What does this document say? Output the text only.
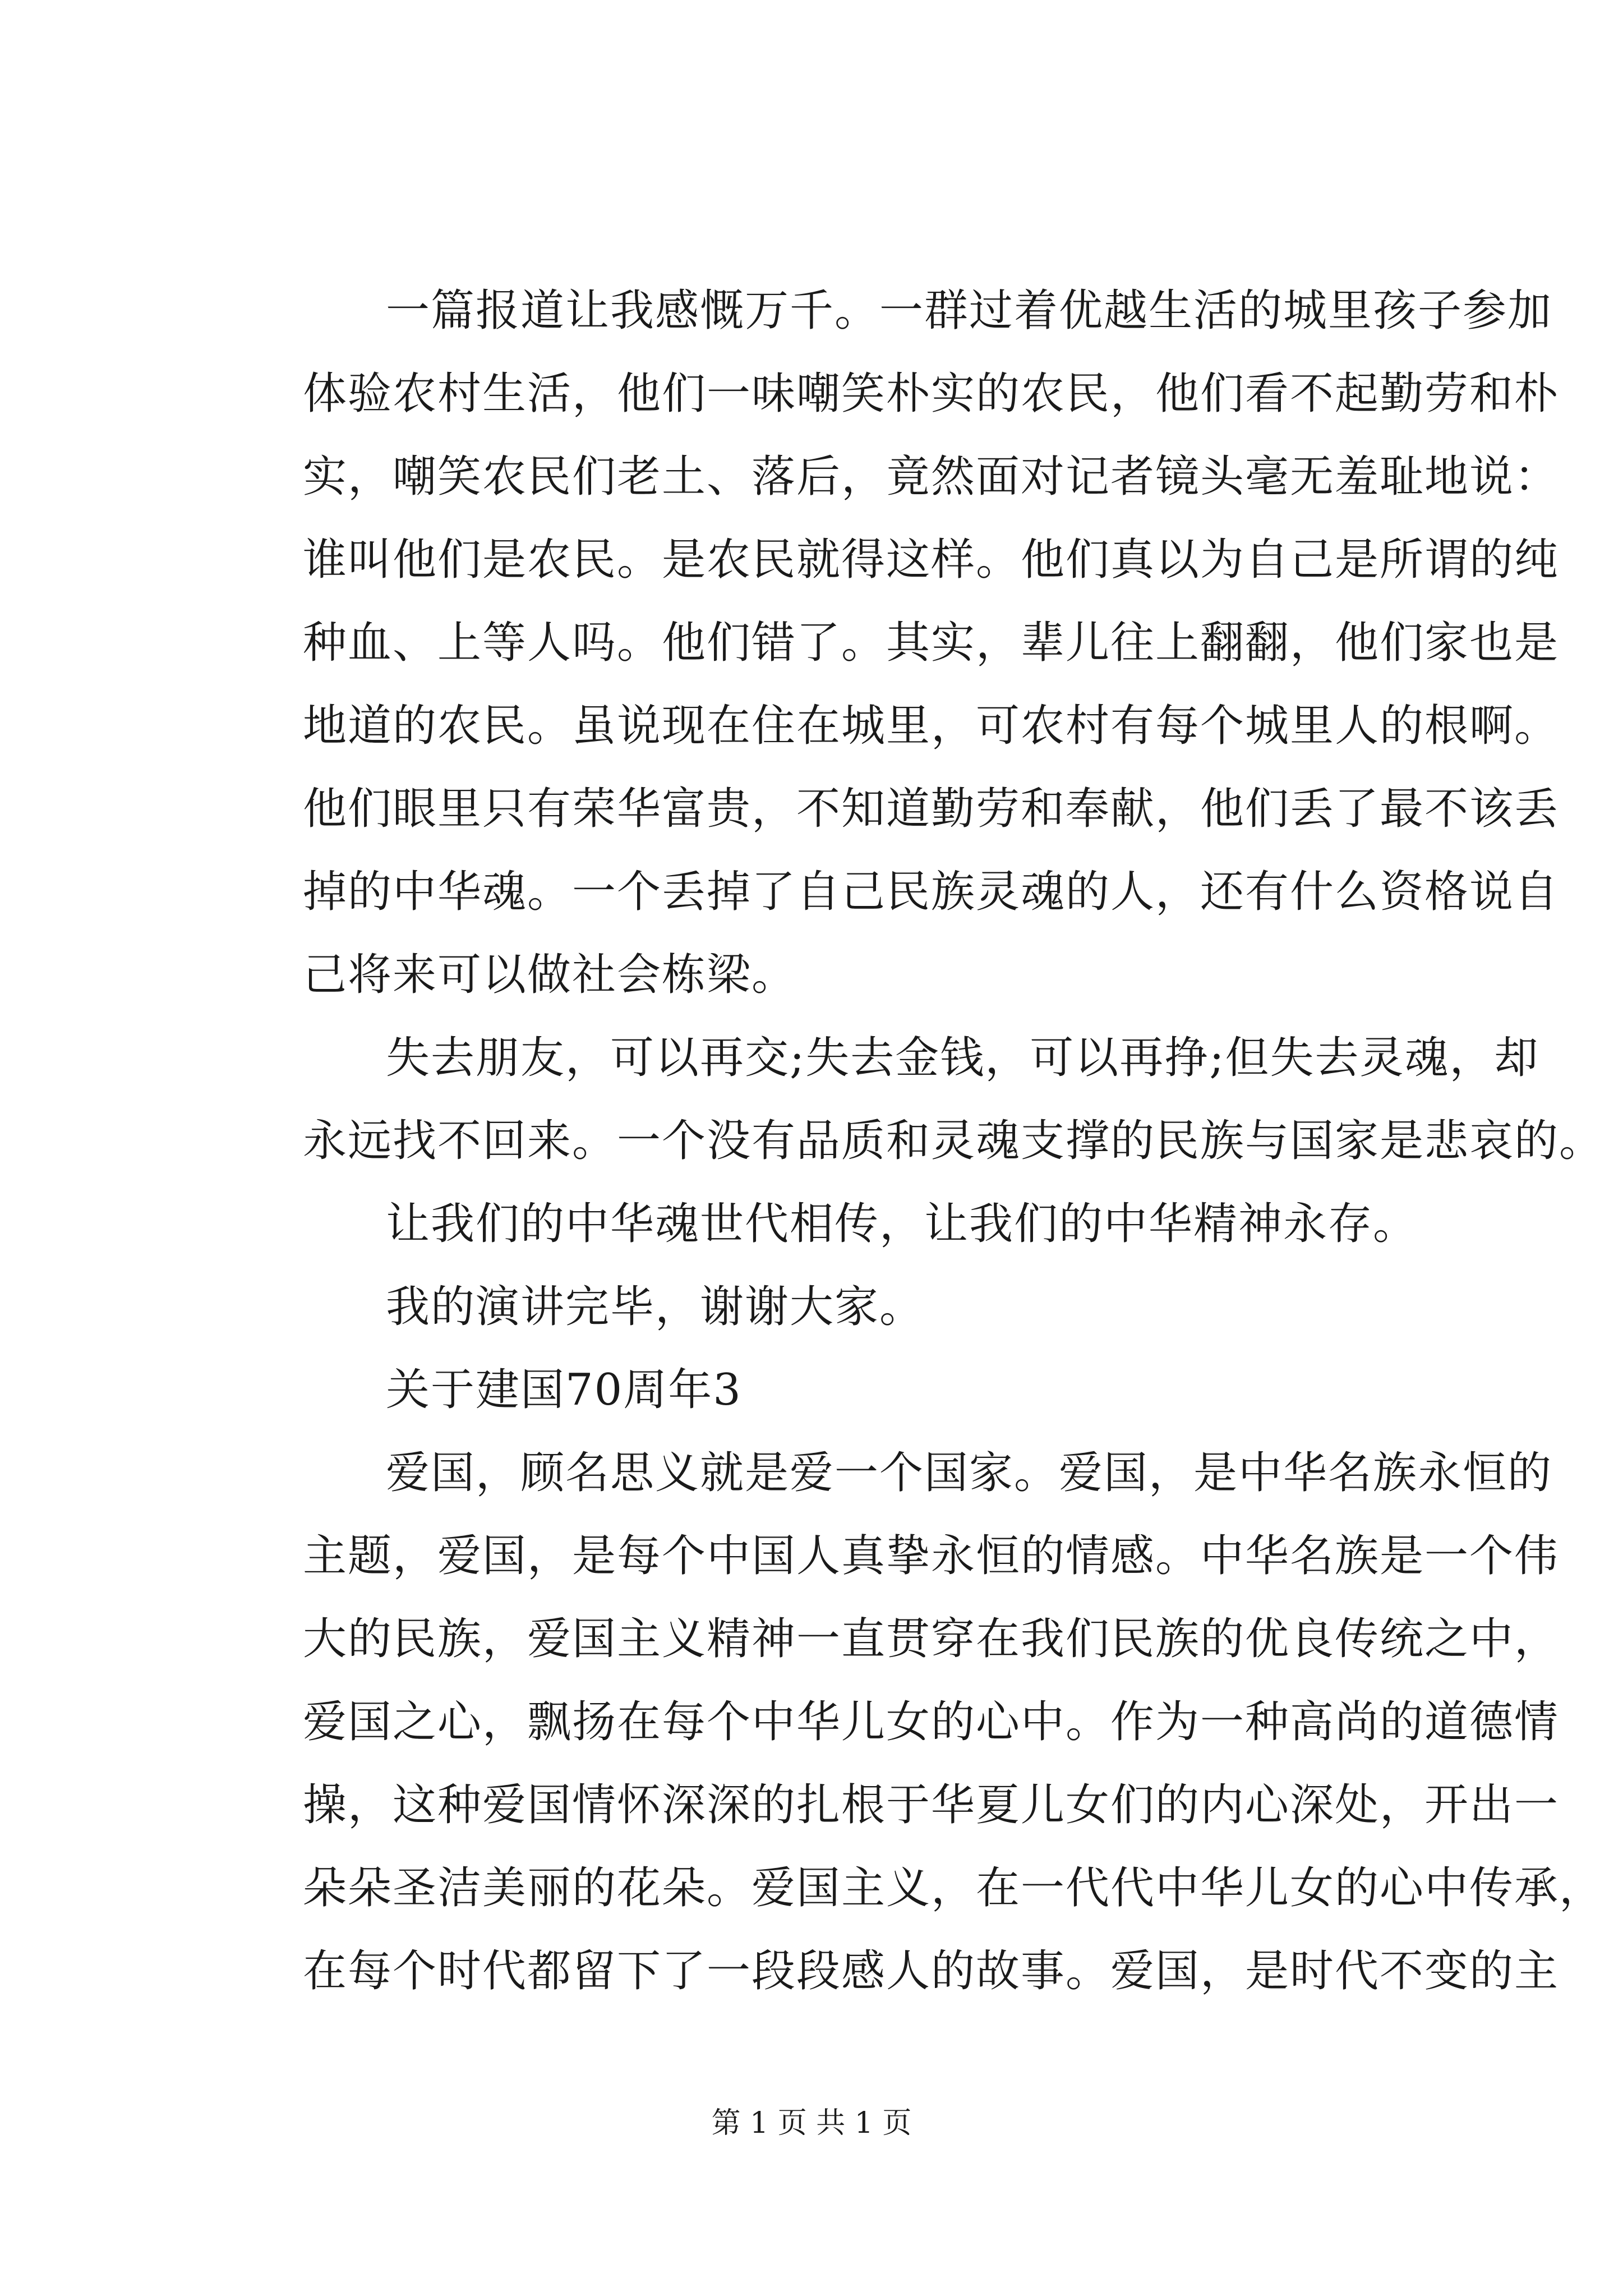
一篇报道让我感慨万千。一群过着优越生活的城里孩子参加
体验农村生活，他们一味嘲笑朴实的农民，他们看不起勤劳和朴
实，嘲笑农民们老土、落后，竟然面对记者镜头毫无羞耻地说：
谁叫他们是农民。是农民就得这样。他们真以为自己是所谓的纯
种血、上等人吗。他们错了。其实，辈儿往上翻翻，他们家也是
地道的农民。虽说现在住在城里，可农村有每个城里人的根啊。
他们眼里只有荣华富贵，不知道勤劳和奉献，他们丢了最不该丢
掉的中华魂。一个丢掉了自己民族灵魂的人，还有什么资格说自
己将来可以做社会栋梁。
失去朋友，可以再交;失去金钱，可以再挣;但失去灵魂，却
永远找不回来。一个没有品质和灵魂支撑的民族与国家是悲哀的。
让我们的中华魂世代相传，让我们的中华精神永存。
我的演讲完毕，谢谢大家。
关于建国70周年3
爱国，顾名思义就是爱一个国家。爱国，是中华名族永恒的
主题，爱国，是每个中国人真挚永恒的情感。中华名族是一个伟
大的民族，爱国主义精神一直贯穿在我们民族的优良传统之中，
爱国之心，飘扬在每个中华儿女的心中。作为一种高尚的道德情
操，这种爱国情怀深深的扎根于华夏儿女们的内心深处，开出一
朵朵圣洁美丽的花朵。爱国主义，在一代代中华儿女的心中传承，
在每个时代都留下了一段段感人的故事。爱国，是时代不变的主
第 1 页 共 1 页
